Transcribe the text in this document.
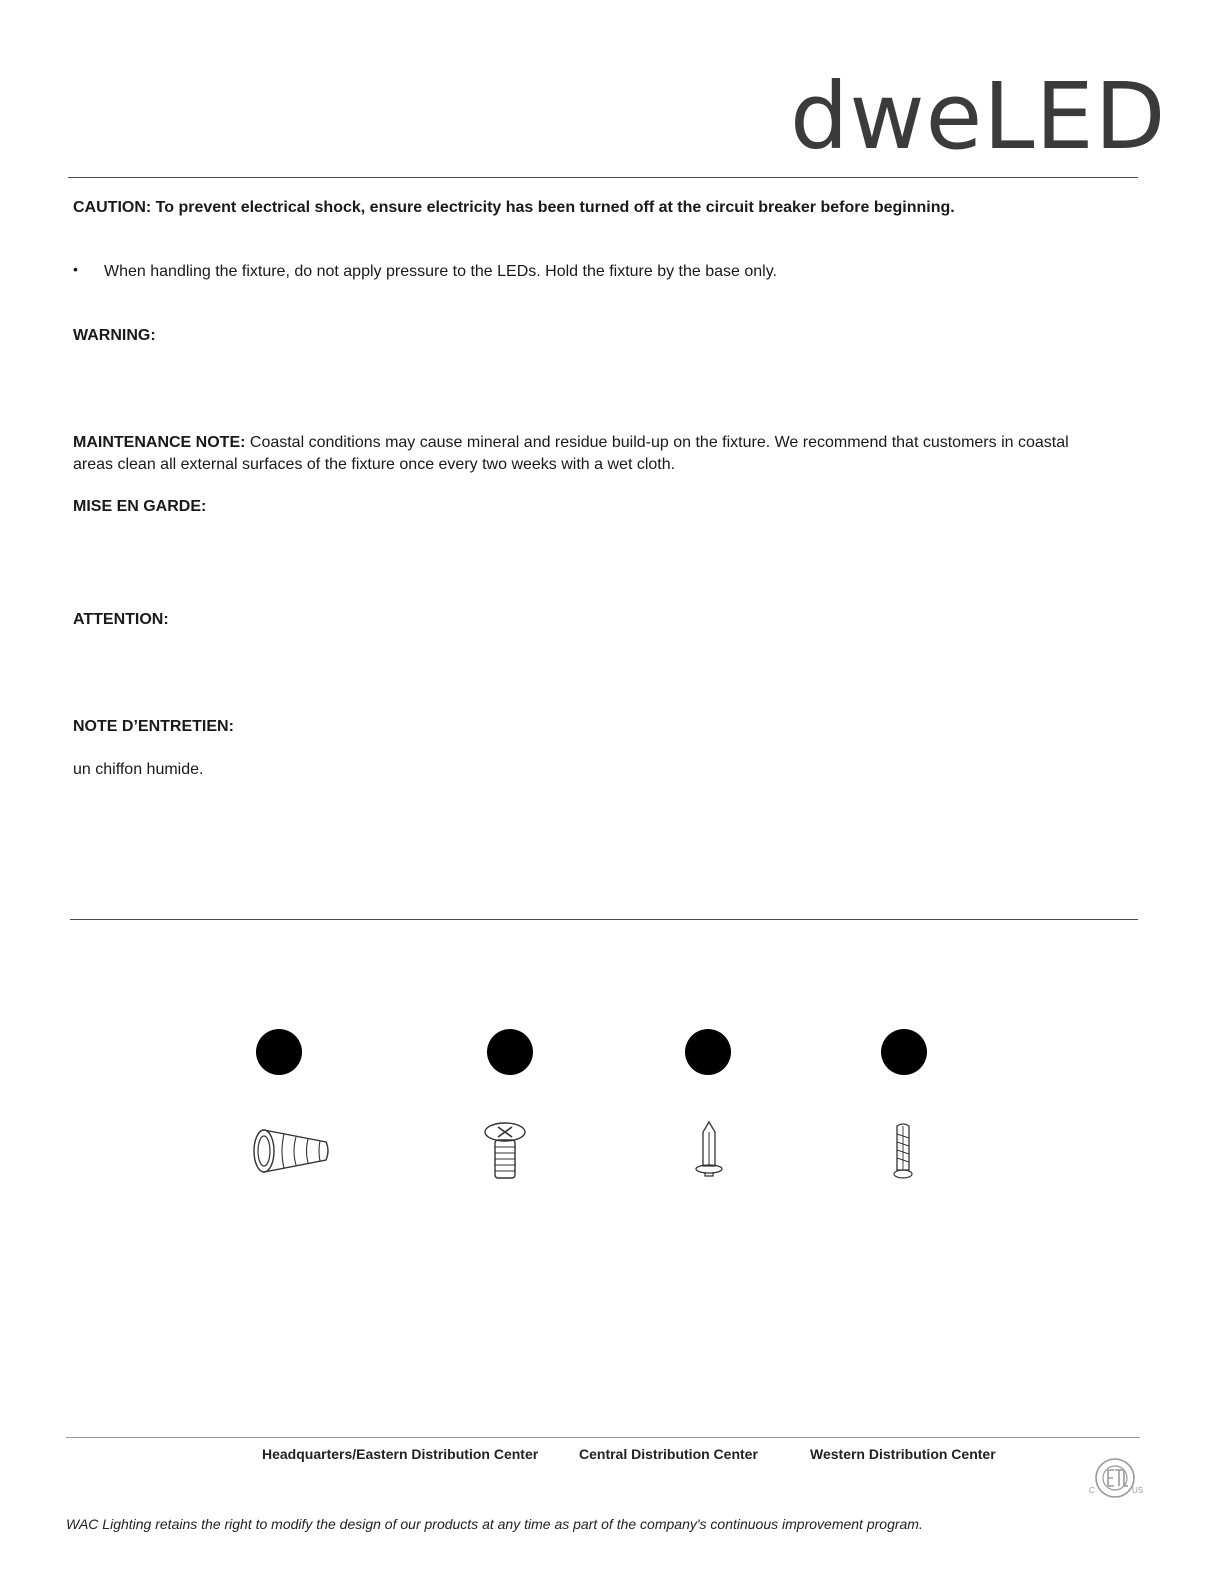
dweLED
CAUTION: To prevent electrical shock, ensure electricity has been turned off at the circuit breaker before beginning.
• When handling the fixture, do not apply pressure to the LEDs. Hold the fixture by the base only.
WARNING:
MAINTENANCE NOTE: Coastal conditions may cause mineral and residue build-up on the fixture. We recommend that customers in coastal areas clean all external surfaces of the fixture once every two weeks with a wet cloth.
MISE EN GARDE:
ATTENTION:
NOTE D’ENTRETIEN:
un chiffon humide.
Headquarters/Eastern Distribution Center	Central Distribution Center	Western Distribution Center
C	US
WAC Lighting retains the right to modify the design of our products at any time as part of the company's continuous improvement program.
